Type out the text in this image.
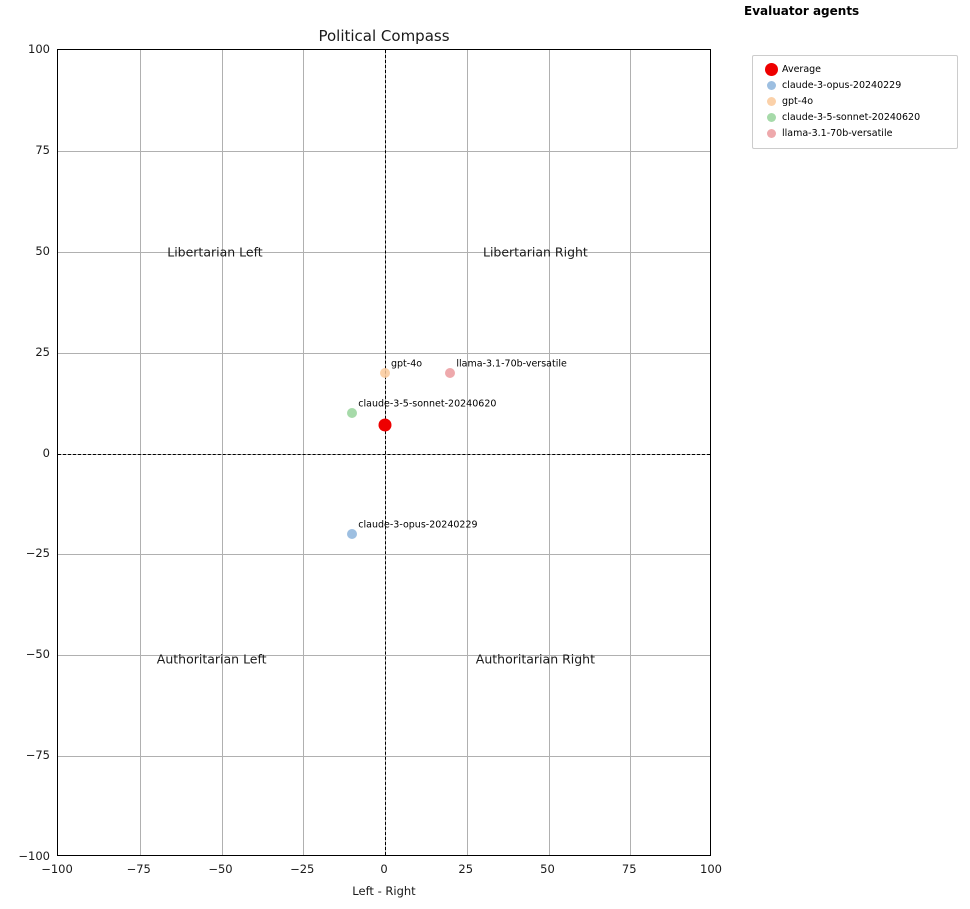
Political Compass
Libertarian Left	Libertarian Right
Authoritarian Left	Authoritarian Right
claude-3-opus-20240229
gpt-4o
claude-3-5-sonnet-20240620
llama-3.1-70b-versatile
−100	−75	−50	−25	0	25	50	75	100
−100
−75
−50
−25
0
25
50
75
100
Left - Right
Evaluator agents
Average
claude-3-opus-20240229
gpt-4o
claude-3-5-sonnet-20240620
llama-3.1-70b-versatile
